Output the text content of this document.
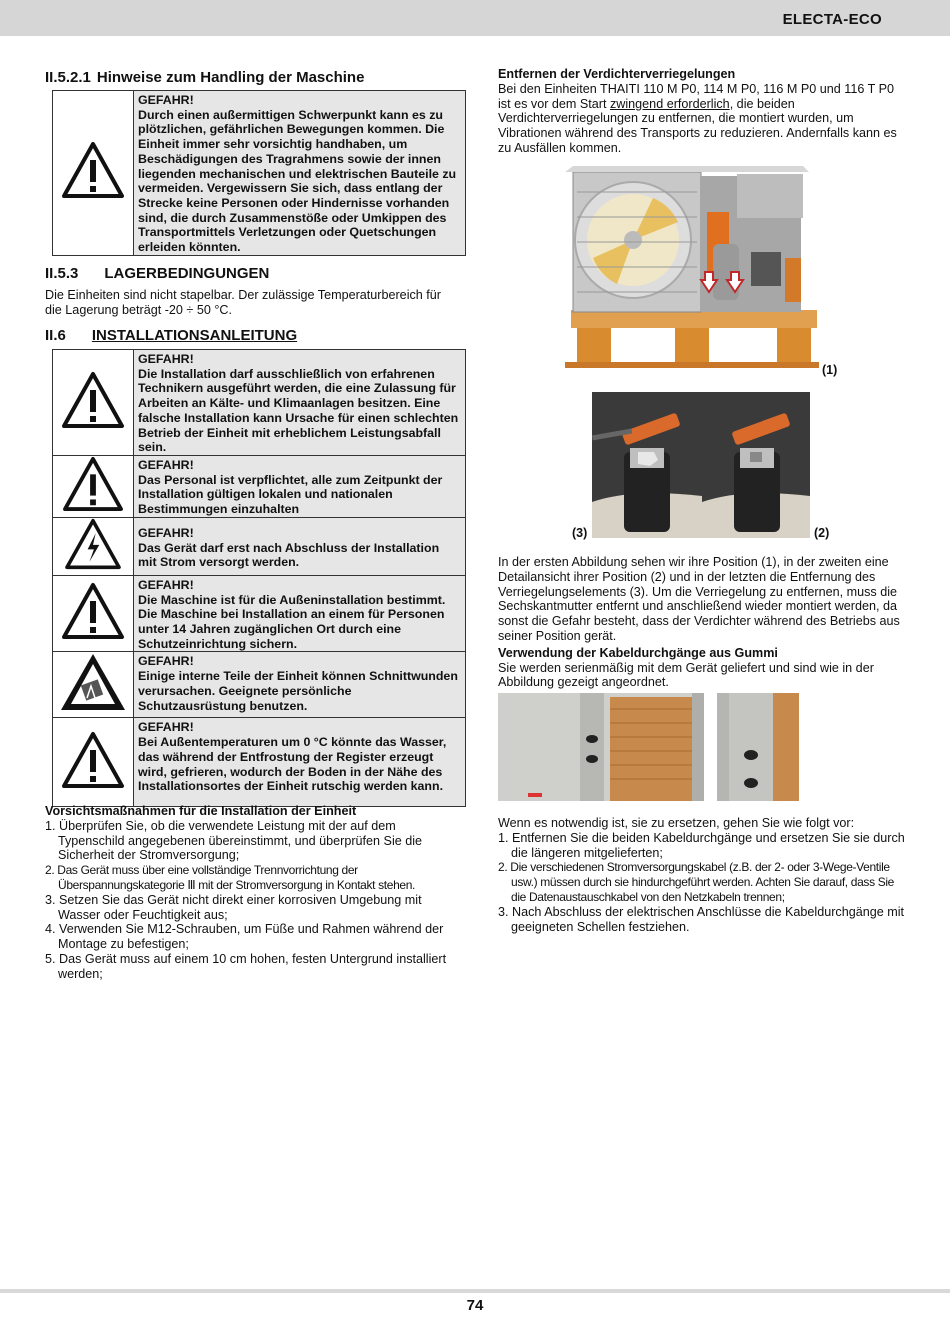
ELECTA-ECO
74
II.5.2.1 Hinweise zum Handling der Maschine

GEFAHR!
Durch einen außermittigen Schwerpunkt kann es zu plötzlichen, gefährlichen Bewegungen kommen. Die Einheit immer sehr vorsichtig handhaben, um Beschädigungen des Tragrahmens sowie der innen liegenden mechanischen und elektrischen Bauteile zu vermeiden. Vergewissern Sie sich, dass entlang der Strecke keine Personen oder Hindernisse vorhanden sind, die durch Zusammenstöße oder Umkippen des Transportmittels Verletzungen oder Quetschungen erleiden könnten.
II.5.3 LAGERBEDINGUNGEN

Die Einheiten sind nicht stapelbar. Der zulässige Temperaturbereich für die Lagerung beträgt -20 ÷ 50 °C.

II.6 INSTALLATIONSANLEITUNG

GEFAHR!
Die Installation darf ausschließlich von erfahrenen Technikern ausgeführt werden, die eine Zulassung für Arbeiten an Kälte- und Klimaanlagen besitzen. Eine falsche Installation kann Ursache für einen schlechten Betrieb der Einheit mit erheblichem Leistungsabfall sein.

GEFAHR!
Das Personal ist verpflichtet, alle zum Zeitpunkt der Installation gültigen lokalen und nationalen Bestimmungen einzuhalten

GEFAHR!
Das Gerät darf erst nach Abschluss der Installation mit Strom versorgt werden.

GEFAHR!
Die Maschine ist für die Außeninstallation bestimmt. Die Maschine bei Installation an einem für Personen unter 14 Jahren zugänglichen Ort durch eine Schutzeinrichtung sichern.

GEFAHR!
Einige interne Teile der Einheit können Schnittwunden verursachen. Geeignete persönliche Schutzausrüstung benutzen.

GEFAHR!
Bei Außentemperaturen um 0 °C könnte das Wasser, das während der Entfrostung der Register erzeugt wird, gefrieren, wodurch der Boden in der Nähe des Installationsortes der Einheit rutschig werden kann.

Vorsichtsmaßnahmen für die Installation der Einheit

1. Überprüfen Sie, ob die verwendete Leistung mit der auf dem Typenschild angegebenen übereinstimmt, und überprüfen Sie die Sicherheit der Stromversorgung;
2. Das Gerät muss über eine vollständige Trennvorrichtung der Überspannungskategorie Ⅲ mit der Stromversorgung in Kontakt stehen.
3. Setzen Sie das Gerät nicht direkt einer korrosiven Umgebung mit Wasser oder Feuchtigkeit aus;
4. Verwenden Sie M12-Schrauben, um Füße und Rahmen während der Montage zu befestigen;
5. Das Gerät muss auf einem 10 cm hohen, festen Untergrund installiert werden;

Entfernen der Verdichterverriegelungen

Bei den Einheiten THAITI 110 M P0, 114 M P0, 116 M P0 und 116 T P0 ist es vor dem Start zwingend erforderlich, die beiden Verdichterverriegelungen zu entfernen, die montiert wurden, um Vibrationen während des Transports zu reduzieren. Andernfalls kann es zu Ausfällen kommen.

(1)
(3)	(2)

In der ersten Abbildung sehen wir ihre Position (1), in der zweiten eine Detailansicht ihrer Position (2) und in der letzten die Entfernung des Verriegelungselements (3). Um die Verriegelung zu entfernen, muss die Sechskantmutter entfernt und anschließend wieder montiert werden, da sonst die Gefahr besteht, dass der Verdichter während des Betriebs aus seiner Position gerät.

Verwendung der Kabeldurchgänge aus Gummi

Sie werden serienmäßig mit dem Gerät geliefert und sind wie in der Abbildung gezeigt angeordnet.

Wenn es notwendig ist, sie zu ersetzen, gehen Sie wie folgt vor:

1. Entfernen Sie die beiden Kabeldurchgänge und ersetzen Sie sie durch die längeren mitgelieferten;
2. Die verschiedenen Stromversorgungskabel (z.B. der 2- oder 3-Wege-Ventile usw.) müssen durch sie hindurchgeführt werden. Achten Sie darauf, dass Sie die Datenaustauschkabel von den Netzkabeln trennen;
3. Nach Abschluss der elektrischen Anschlüsse die Kabeldurchgänge mit geeigneten Schellen festziehen.
